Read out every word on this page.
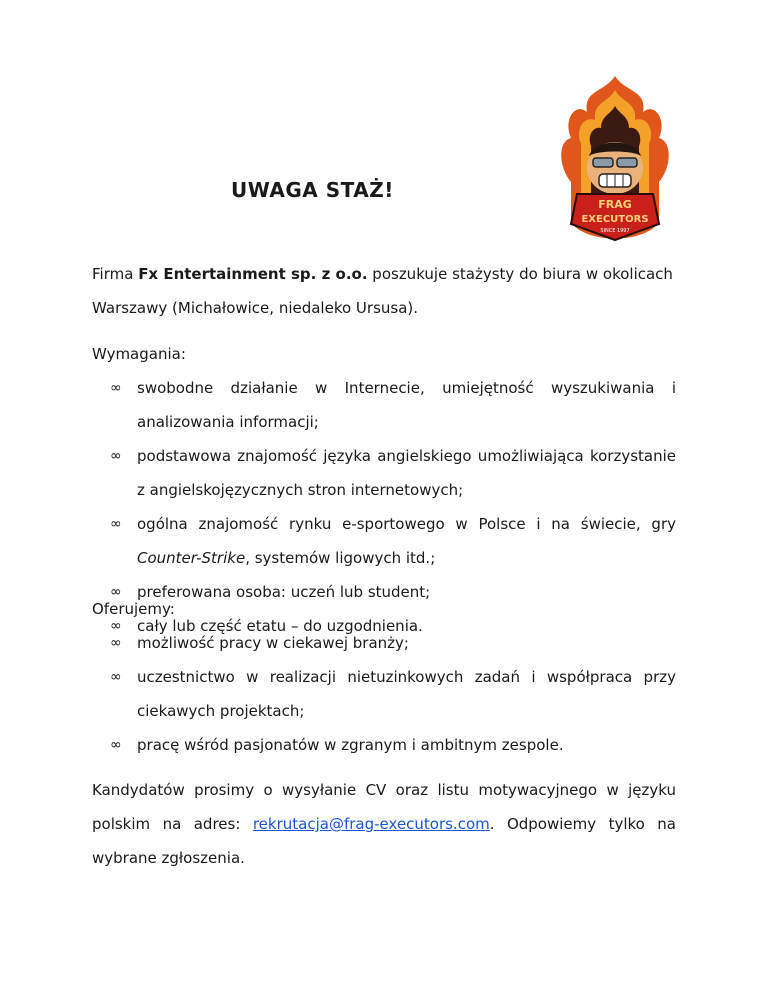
UWAGA STAŻ!
FRAG
EXECUTORS
SINCE 1997
Firma Fx Entertainment sp. z o.o. poszukuje stażysty do biura w okolicach Warszawy (Michałowice, niedaleko Ursusa).
Wymagania:
∞ swobodne działanie w Internecie, umiejętność wyszukiwania i analizowania informacji;
∞ podstawowa znajomość języka angielskiego umożliwiająca korzystanie z angielskojęzycznych stron internetowych;
∞ ogólna znajomość rynku e-sportowego w Polsce i na świecie, gry Counter-Strike, systemów ligowych itd.;
∞ preferowana osoba: uczeń lub student;
∞ cały lub część etatu – do uzgodnienia.
Oferujemy:
∞ możliwość pracy w ciekawej branży;
∞ uczestnictwo w realizacji nietuzinkowych zadań i współpraca przy ciekawych projektach;
∞ pracę wśród pasjonatów w zgranym i ambitnym zespole.
Kandydatów prosimy o wysyłanie CV oraz listu motywacyjnego w języku polskim na adres: rekrutacja@frag-executors.com. Odpowiemy tylko na wybrane zgłoszenia.
